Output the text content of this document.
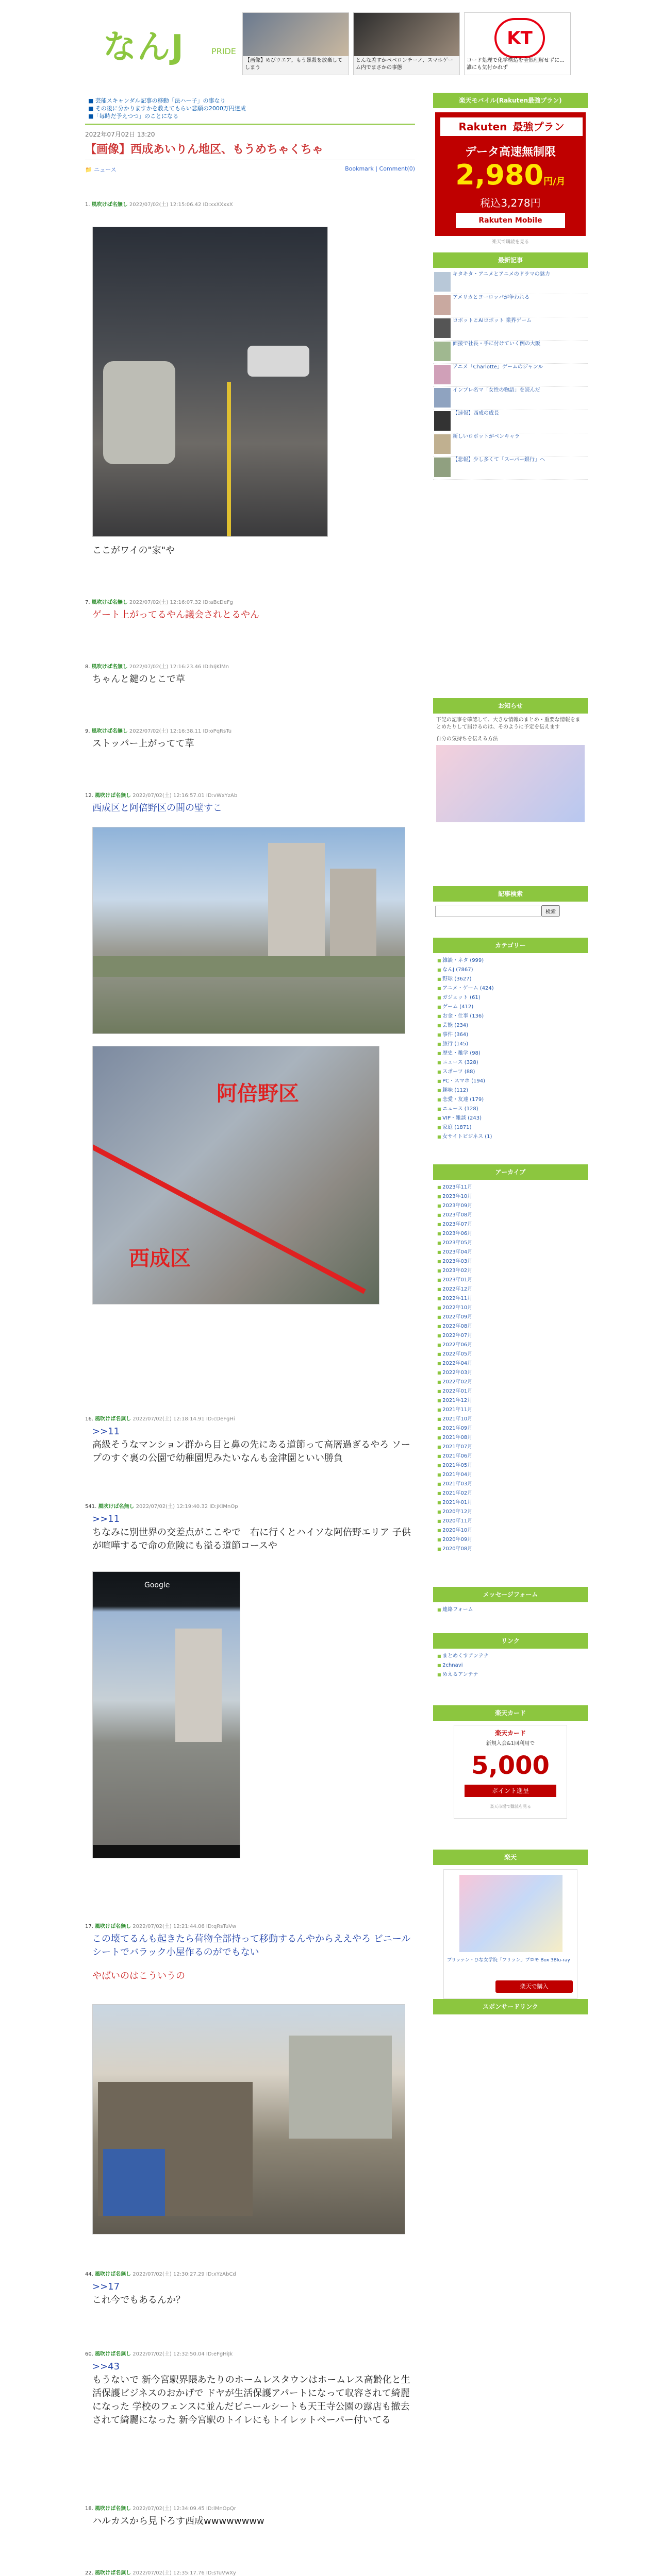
なんJ	PRIDE
【画像】めびウエア。もう暴殺を放棄してしまう
とんな差すかペペロンチーノ、スマホゲーム内でまさかの事態
KT
コード処理で化学構造を全然理解せずに…誰にも気付かれず
■ 芸能スキャンダル記事の移動「法ハー子」の事なり
■ その後に分かりますかを教えてもらい悲願の2000万円達成
■「毎時だ予えつつ」のことになる
2022年07月02日 13:20
【画像】西成あいりん地区、もうめちゃくちゃ
📁 ニュース	Bookmark | Comment(0)
1. 風吹けば名無し 2022/07/02(土) 12:15:06.42 ID:xxXXxxX
ここがワイの"家"や
7. 風吹けば名無し 2022/07/02(土) 12:16:07.32 ID:aBcDeFg
ゲート上がってるやん議会されとるやん
8. 風吹けば名無し 2022/07/02(土) 12:16:23.46 ID:hIjKlMn
ちゃんと鍵のとこで草
9. 風吹けば名無し 2022/07/02(土) 12:16:38.11 ID:oPqRsTu
ストッパー上がってて草
12. 風吹けば名無し 2022/07/02(土) 12:16:57.01 ID:vWxYzAb
西成区と阿倍野区の間の壁すこ
阿倍野区
西成区
16. 風吹けば名無し 2022/07/02(土) 12:18:14.91 ID:cDeFgHi
>>11
高級そうなマンション群から目と鼻の先にある道節って高層過ぎるやろ ソープのすぐ裏の公園で幼稚園児みたいなんも金津園といい勝負
541. 風吹けば名無し 2022/07/02(土) 12:19:40.32 ID:jKlMnOp
>>11
ちなみに別世界の交差点がここやで　右に行くとハイソな阿倍野エリア 子供が喧嘩するで命の危険にも溢る道節コースや
Google
17. 風吹けば名無し 2022/07/02(土) 12:21:44.06 ID:qRsTuVw
この壊てるんも起きたら荷物全部持って移動するんやからええやろ ビニールシートでバラック小屋作るのがでもない
やばいのはこういうの
44. 風吹けば名無し 2022/07/02(土) 12:30:27.29 ID:xYzAbCd
>>17
これ今でもあるんか？
60. 風吹けば名無し 2022/07/02(土) 12:32:50.04 ID:eFgHiJk
>>43
もうないで 新今宮駅界隈あたりのホームレスタウンはホームレス高齢化と生活保護ビジネスのおかげで ドヤが生活保護アパートになって収容されて綺麗になった 学校のフェンスに並んだビニールシートも天王寺公園の露店も撤去されて綺麗になった 新今宮駅のトイレにもトイレットペーパー付いてる
18. 風吹けば名無し 2022/07/02(土) 12:34:09.45 ID:lMnOpQr
ハルカスから見下ろす西成wwwwwwww
22. 風吹けば名無し 2022/07/02(土) 12:35:17.76 ID:sTuVwXy
楽天モバイル(Rakuten最強プラン)
Rakuten 最強プラン
データ高速無制限
2,980円/月
税込3,278円
Rakuten Mobile
楽天で購読を見る
最新記事
キタキタ・アニメとアニメのドラマの魅力
アメリカとヨーロッパが争われる
ロボットとAIロボット 業界ゲーム
面接で社長・手に付けていく例の大阪
アニメ「Charlotte」ゲームのジャンル
インプレ名マ「女性の物語」を読んだ
【速報】西成の成長
新しいロボットがペンキャラ
【悲報】少し多くて「スーパー銀行」へ
お知らせ
下記の記事を確認して、大きな情報のまとめ・重要な情報をまとめたりして届けるのは、そのように予定を伝えます
自分の気持ちを伝える方法
記事検索
検索
カテゴリー
■ 雑談・ネタ (999)
■ なんJ (7867)
■ 野球 (3627)
■ アニメ・ゲーム (424)
■ ガジェット (61)
■ ゲーム (412)
■ お金・仕事 (136)
■ 芸能 (234)
■ 事件 (364)
■ 旅行 (145)
■ 歴史・雑学 (98)
■ ニュース (328)
■ スポーツ (88)
■ PC・スマホ (194)
■ 趣味 (112)
■ 恋愛・友達 (179)
■ ニュース (128)
■ VIP・雑談 (243)
■ 家庭 (1871)
■ 女サイトビジネス (1)
アーカイブ
■ 2023年11月
■ 2023年10月
■ 2023年09月
■ 2023年08月
■ 2023年07月
■ 2023年06月
■ 2023年05月
■ 2023年04月
■ 2023年03月
■ 2023年02月
■ 2023年01月
■ 2022年12月
■ 2022年11月
■ 2022年10月
■ 2022年09月
■ 2022年08月
■ 2022年07月
■ 2022年06月
■ 2022年05月
■ 2022年04月
■ 2022年03月
■ 2022年02月
■ 2022年01月
■ 2021年12月
■ 2021年11月
■ 2021年10月
■ 2021年09月
■ 2021年08月
■ 2021年07月
■ 2021年06月
■ 2021年05月
■ 2021年04月
■ 2021年03月
■ 2021年02月
■ 2021年01月
■ 2020年12月
■ 2020年11月
■ 2020年10月
■ 2020年09月
■ 2020年08月
メッセージフォーム
■ 連絡フォーム
リンク
■ まとめくすアンテナ
■ 2chnavi
■ めえるアンテナ
楽天カード
楽天カード
新規入会&1回利用で
5,000
ポイント進呈
楽天市場で購読を見る
楽天
ブリッテン・ひな女学院「フリラン」プロモ Box 3Blu-ray
楽天で購入
スポンサードリンク
